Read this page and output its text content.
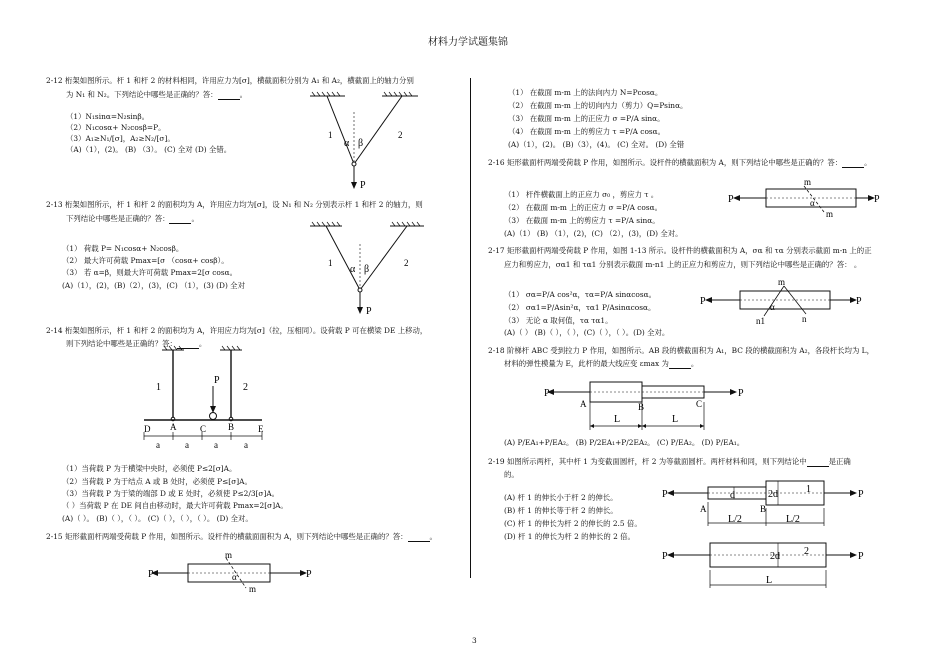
材料力学试题集锦
2-12 桁架如图所示。杆 1 和杆 2 的材料相同，许用应力为[σ]，横截面积分别为 A₁ 和 A₂，横截面上的轴力分别
为 N₁ 和 N₂。下列结论中哪些是正确的？答：	。
（1）N₁sinα=N₂sinβ。
（2）N₁cosα+ N₂cosβ=P。
（3）A₁≥N₁/[σ]，A₂≥N₂/[σ]。
（A)（1），(2)。 (B) （3）。 (C) 全对 (D) 全错。
1	2
α β
P
2-13 桁架如图所示，杆 1 和杆 2 的面积均为 A，许用应力均为[σ]，设 N₁ 和 N₂ 分别表示杆 1 和杆 2 的轴力，则
下列结论中哪些是正确的？答：	。
（1） 荷载 P= N₁cosα+ N₂cosβ。
（2） 最大许可荷载 Pmax=[σ （cosα+ cosβ）。
（3） 若 α=β，则最大许可荷载 Pmax=2[σ cosα。
(A)（1），(2)，(B)（2），(3)，(C) （1），(3) (D) 全对
1	2
α β
P
2-14 桁架如图所示，杆 1 和杆 2 的面积均为 A，许用应力均为[σ]（拉，压相同）。设荷载 P 可在横梁 DE 上移动，
则下列结论中哪些是正确的？答：	。
1	2
P
D A	C B	E
a	a	a	a
（1）当荷载 P 为于横梁中央时，必须使 P≤2[σ]A。
（2）当荷载 P 为于结点 A 或 B 处时，必须使 P≤[σ]A。
（3）当荷载 P 为于梁的端部 D 或 E 处时，必须使 P≤2/3[σ]A。
（ ）当荷载 P 在 DE 间自由移动时，最大许可荷载 Pmax=2[σ]A。
(A)（ ）。 (B)（ ），（ ）。 (C)（ ），（ ），（ ）。 (D) 全对。
2-15 矩形截面杆两端受荷载 P 作用，如图所示。设杆件的横截面面积为 A，则下列结论中哪些是正确的？答：	。
P	P
m
m
α
（1） 在截面 m-m 上的法向内力 N=Pcosα。
（2） 在截面 m-m 上的切向内力（剪力）Q=Psinα。
（3） 在截面 m-m 上的正应力 σ =P/A sinα。
（4） 在截面 m-m 上的剪应力 τ =P/A cosα。
(A)（1），(2)。 (B)（3），(4)。 (C) 全对。 (D) 全错
2-16 矩形截面杆两端受荷载 P 作用，如图所示。设杆件的横截面积为 A，则下列结论中哪些是正确的？答：	。
（1） 杆件横截面上的正应力 σ₀ ，剪应力 τ 。
（2） 在截面 m-m 上的正应力 σ =P/A cosα。
（3） 在截面 m-m 上的剪应力 τ =P/A sinα。
(A)（1） (B) （1），(2)，(C) （2），(3)，(D) 全对。
P	P
m
m
α
2-17 矩形截面杆两端受荷载 P 作用，如图 1-13 所示。设杆件的横截面积为 A，σα 和 τα 分别表示截面 m-n 上的正
应力和剪应力，σα1 和 τα1 分别表示截面 m-n1 上的正应力和剪应力，则下列结论中哪些是正确的？答： 。
（1） σα=P/A cos²α，τα=P/A sinαcosα。
（2） σα1=P/Asin²α，τα1 P/Asinαcosα。
（3） 无论 α 取何值，τα τα1。
(A)（ ） (B)（ ），（ ），(C)（ ），（ ）。(D) 全对。
P	P
m
n
n1
α
2-18 阶梯杆 ABC 受到拉力 P 作用，如图所示。AB 段的横截面积为 A₁，BC 段的横截面积为 A₂，各段杆长均为 L，
材料的弹性模量为 E，此杆的最大线应变 εmax 为	。
P	P
A	B	C
L	L
(A) P/EA₁+P/EA₂。 (B) P/2EA₁+P/2EA₂。 (C) P/EA₂。 (D) P/EA₁。
2-19 如图所示两杆，其中杆 1 为变截面圆杆，杆 2 为等截面圆杆。两杆材料和同，则下列结论中	是正确
的。
(A) 杆 1 的伸长小于杆 2 的伸长。
(B) 杆 1 的伸长等于杆 2 的伸长。
(C) 杆 1 的伸长为杆 2 的伸长的 2.5 倍。
(D) 杆 1 的伸长为杆 2 的伸长的 2 倍。
P	P
d	2d	1
A	B
L/2	L/2
P	P
2d 2
L
3
